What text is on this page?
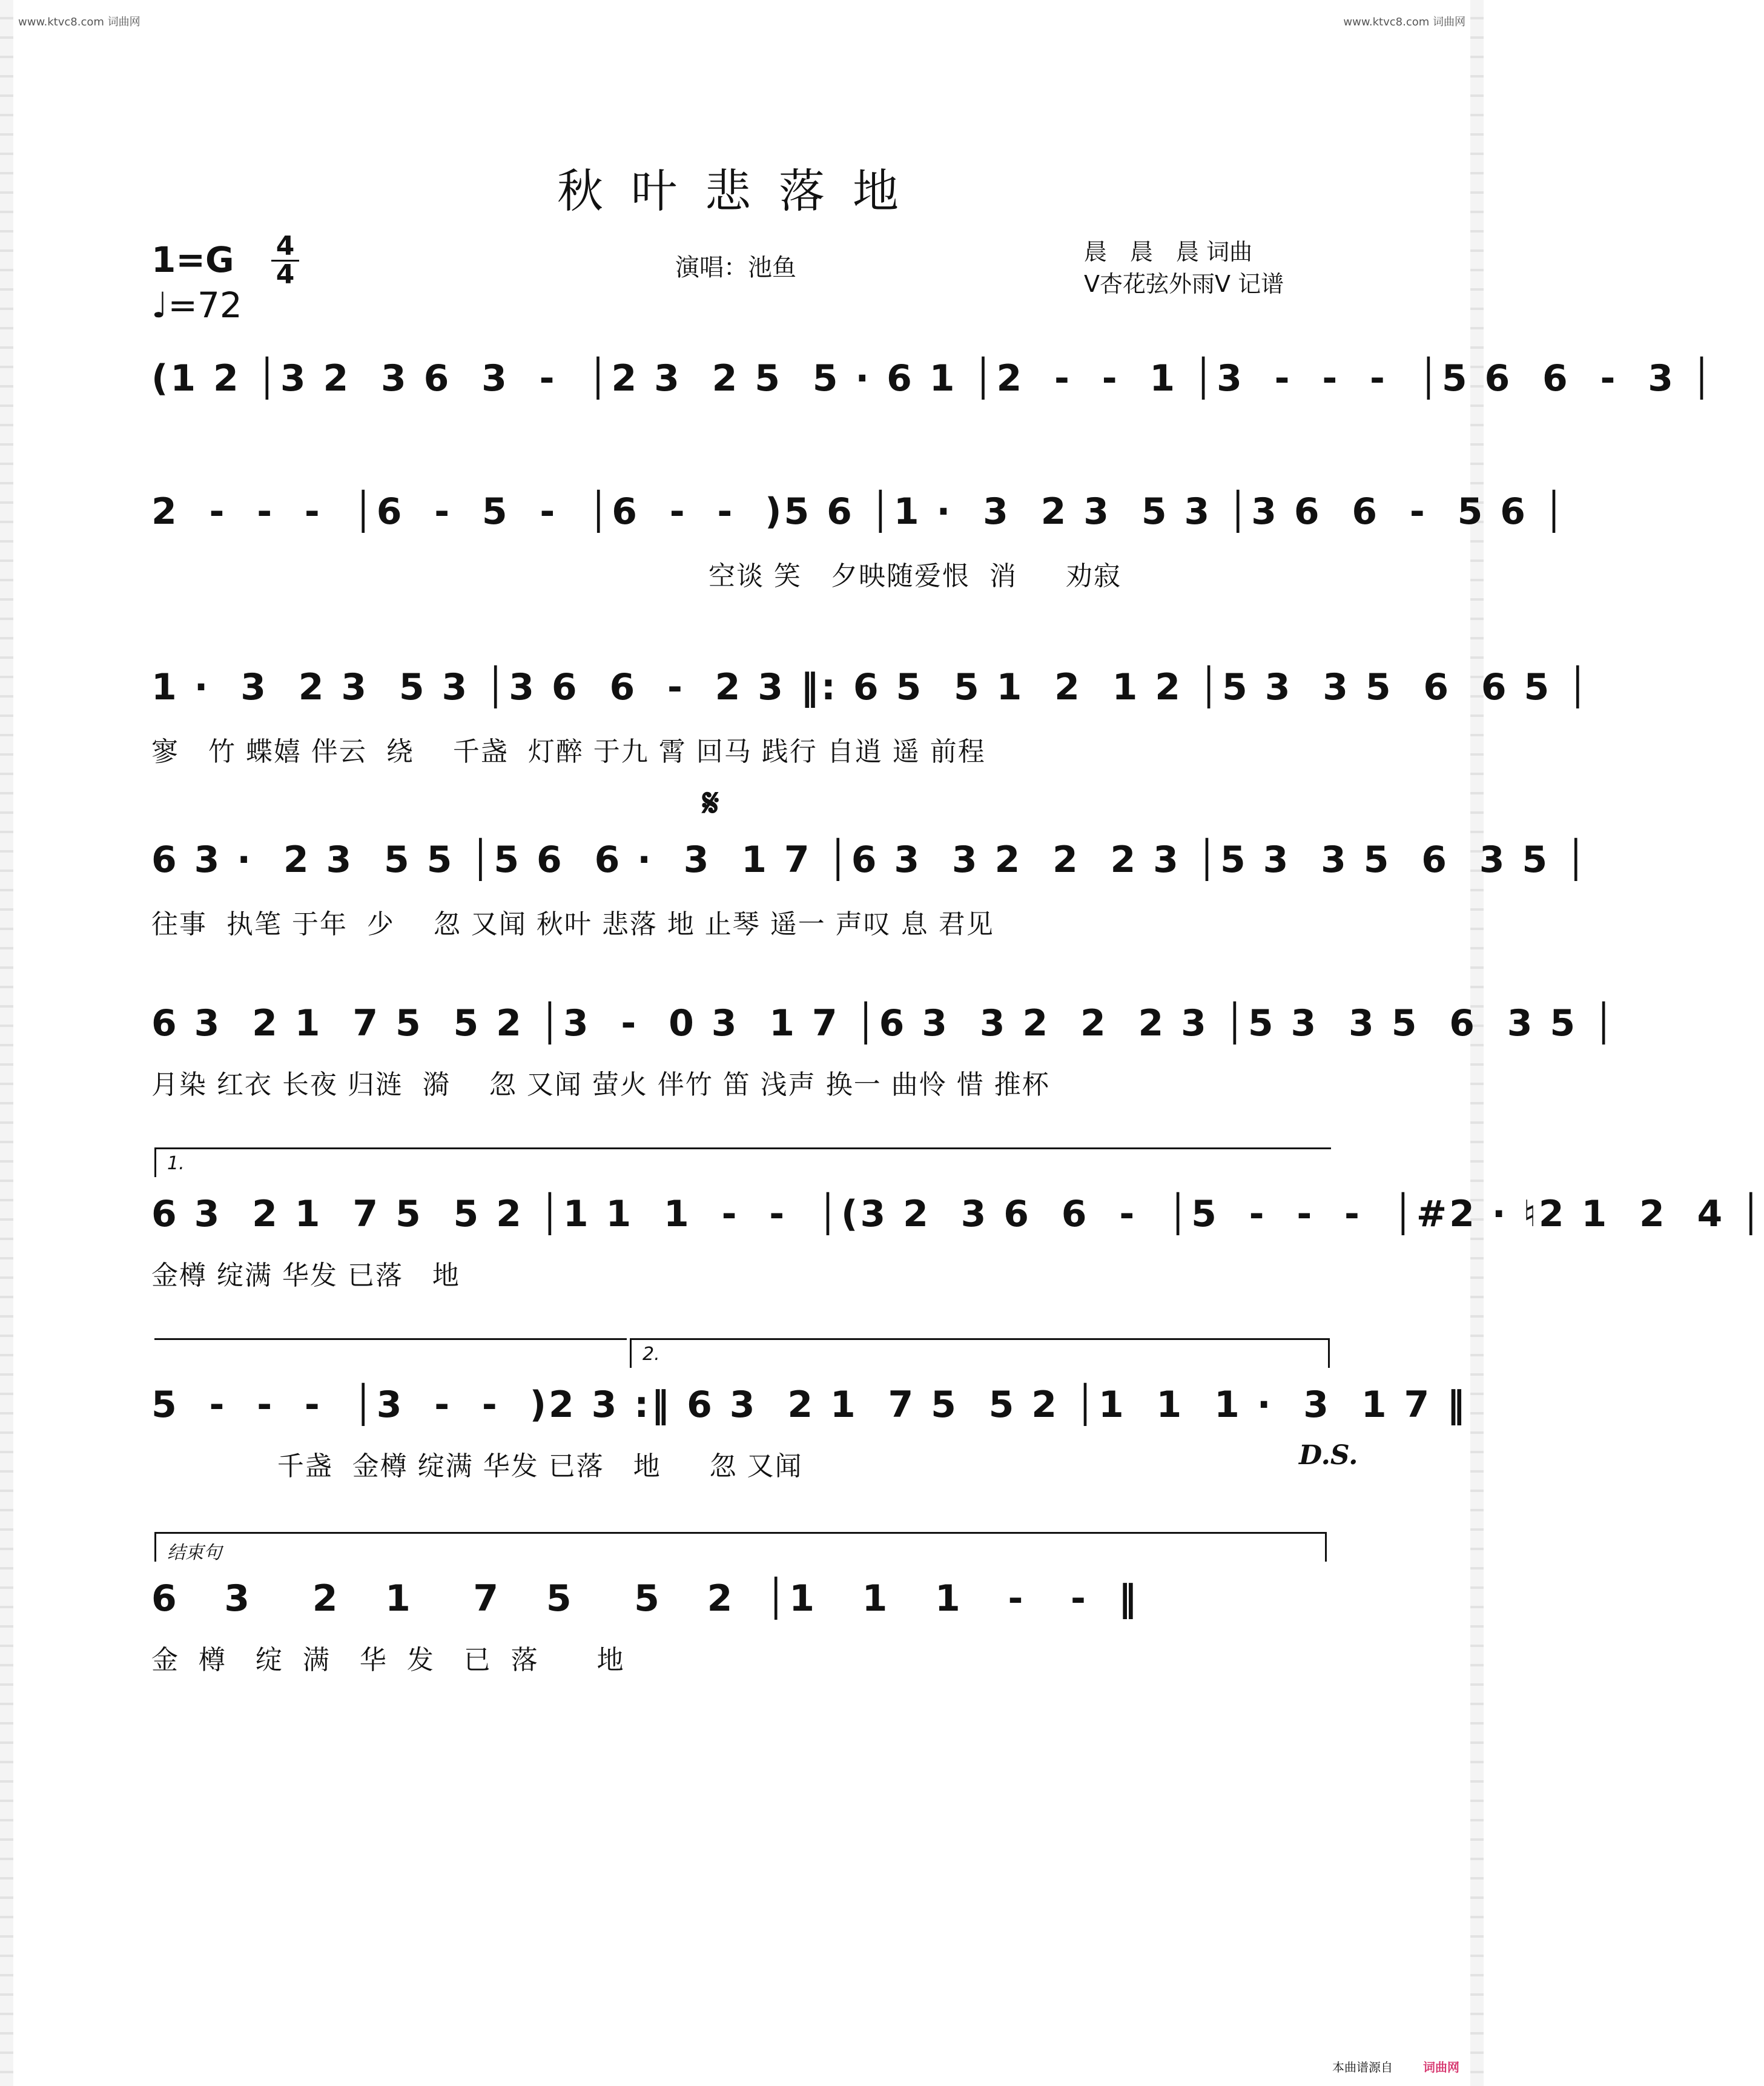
www.ktvc8.com 词曲网	www.ktvc8.com 词曲网
秋叶悲落地
1=G 4
4
♩=72
演唱：池鱼
晨　晨　晨 词曲
V杏花弦外雨V 记谱
(1 2 │3 2  3 6  3  -  │2 3  2 5  5 · 6 1 │2  -  -  1 │3  -  -  -  │5 6  6  -  3 │
2  -  -  -  │6  -  5  -  │6  -  -  )5 6 │1 ·  3  2 3  5 3 │3 6  6  -  5 6 │
空谈 笑   夕映随爱恨  消     劝寂
1 ·  3  2 3  5 3 │3 6  6  -  2 3 ‖: 6 5  5 1  2  1 2 │5 3  3 5  6  6 5 │
寥   竹 蝶嬉 伴云  绕    千盏  灯醉 于九 霄 回马 践行 自逍 遥 前程
𝄋
6 3 ·  2 3  5 5 │5 6  6 ·  3  1 7 │6 3  3 2  2  2 3 │5 3  3 5  6  3 5 │
往事  执笔 于年  少    忽 又闻 秋叶 悲落 地 止琴 遥一 声叹 息 君见
6 3  2 1  7 5  5 2 │3  -  0 3  1 7 │6 3  3 2  2  2 3 │5 3  3 5  6  3 5 │
月染 红衣 长夜 归涟  漪    忽 又闻 萤火 伴竹 笛 浅声 换一 曲怜 惜 推杯
1.
6 3  2 1  7 5  5 2 │1 1  1  -  -  │(3 2  3 6  6  -  │5  -  -  -  │#2 · ♮2 1  2  4 │
金樽 绽满 华发 已落   地
2.
5  -  -  -  │3  -  -  )2 3 :‖ 6 3  2 1  7 5  5 2 │1  1  1 ·  3  1 7 ‖
千盏  金樽 绽满 华发 已落   地     忽 又闻	D.S.
结束句
6   3    2   1    7   5    5   2  │1   1   1   -   -  ‖
金  樽   绽  满   华  发   已  落      地
本曲谱源自	词曲网
